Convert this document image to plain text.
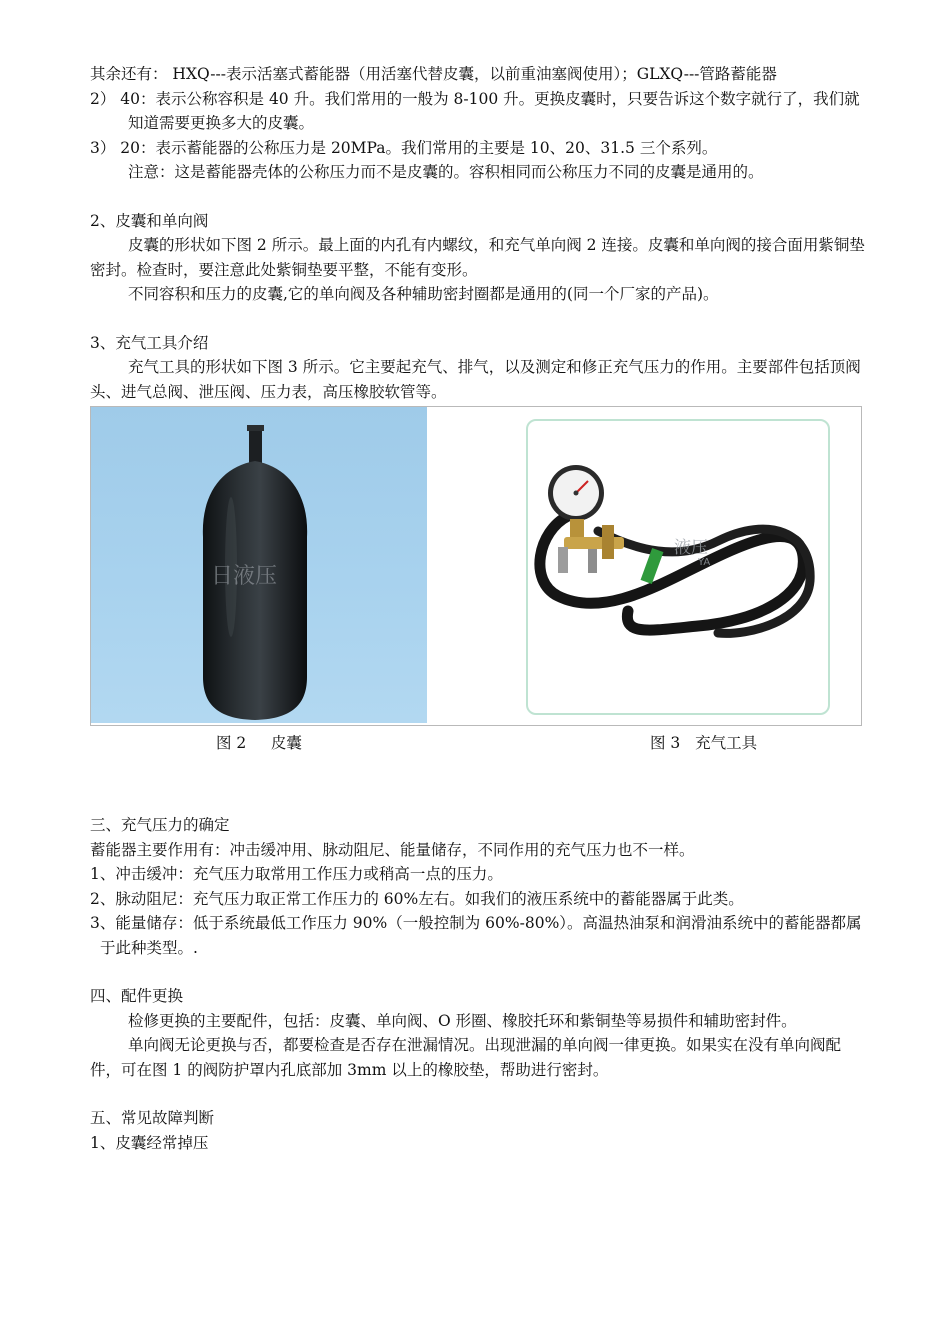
其余还有： HXQ---表示活塞式蓄能器（用活塞代替皮囊，以前重油塞阀使用）；GLXQ---管路蓄能器

2） 40：表示公称容积是 40 升。我们常用的一般为 8-100 升。更换皮囊时，只要告诉这个数字就行了，我们就知道需要更换多大的皮囊。

3） 20：表示蓄能器的公称压力是 20MPa。我们常用的主要是 10、20、31.5 三个系列。

注意：这是蓄能器壳体的公称压力而不是皮囊的。容积相同而公称压力不同的皮囊是通用的。

2、皮囊和单向阀

皮囊的形状如下图 2 所示。最上面的内孔有内螺纹，和充气单向阀 2 连接。皮囊和单向阀的接合面用紫铜垫密封。检查时，要注意此处紫铜垫要平整，不能有变形。

不同容积和压力的皮囊,它的单向阀及各种辅助密封圈都是通用的(同一个厂家的产品)。

3、充气工具介绍

充气工具的形状如下图 3 所示。它主要起充气、排气，以及测定和修正充气压力的作用。主要部件包括顶阀头、进气总阀、泄压阀、压力表，高压橡胶软管等。

日液压
液压
YA
图 2     皮囊	图 3   充气工具

三、充气压力的确定

蓄能器主要作用有：冲击缓冲用、脉动阻尼、能量储存，不同作用的充气压力也不一样。

1、冲击缓冲：充气压力取常用工作压力或稍高一点的压力。

2、脉动阻尼：充气压力取正常工作压力的 60%左右。如我们的液压系统中的蓄能器属于此类。

3、能量储存：低于系统最低工作压力 90%（一般控制为 60%-80%）。高温热油泵和润滑油系统中的蓄能器都属于此种类型。.

四、配件更换

检修更换的主要配件，包括：皮囊、单向阀、O 形圈、橡胶托环和紫铜垫等易损件和辅助密封件。

单向阀无论更换与否，都要检查是否存在泄漏情况。出现泄漏的单向阀一律更换。如果实在没有单向阀配件，可在图 1 的阀防护罩内孔底部加 3mm 以上的橡胶垫，帮助进行密封。

五、常见故障判断

1、皮囊经常掉压
